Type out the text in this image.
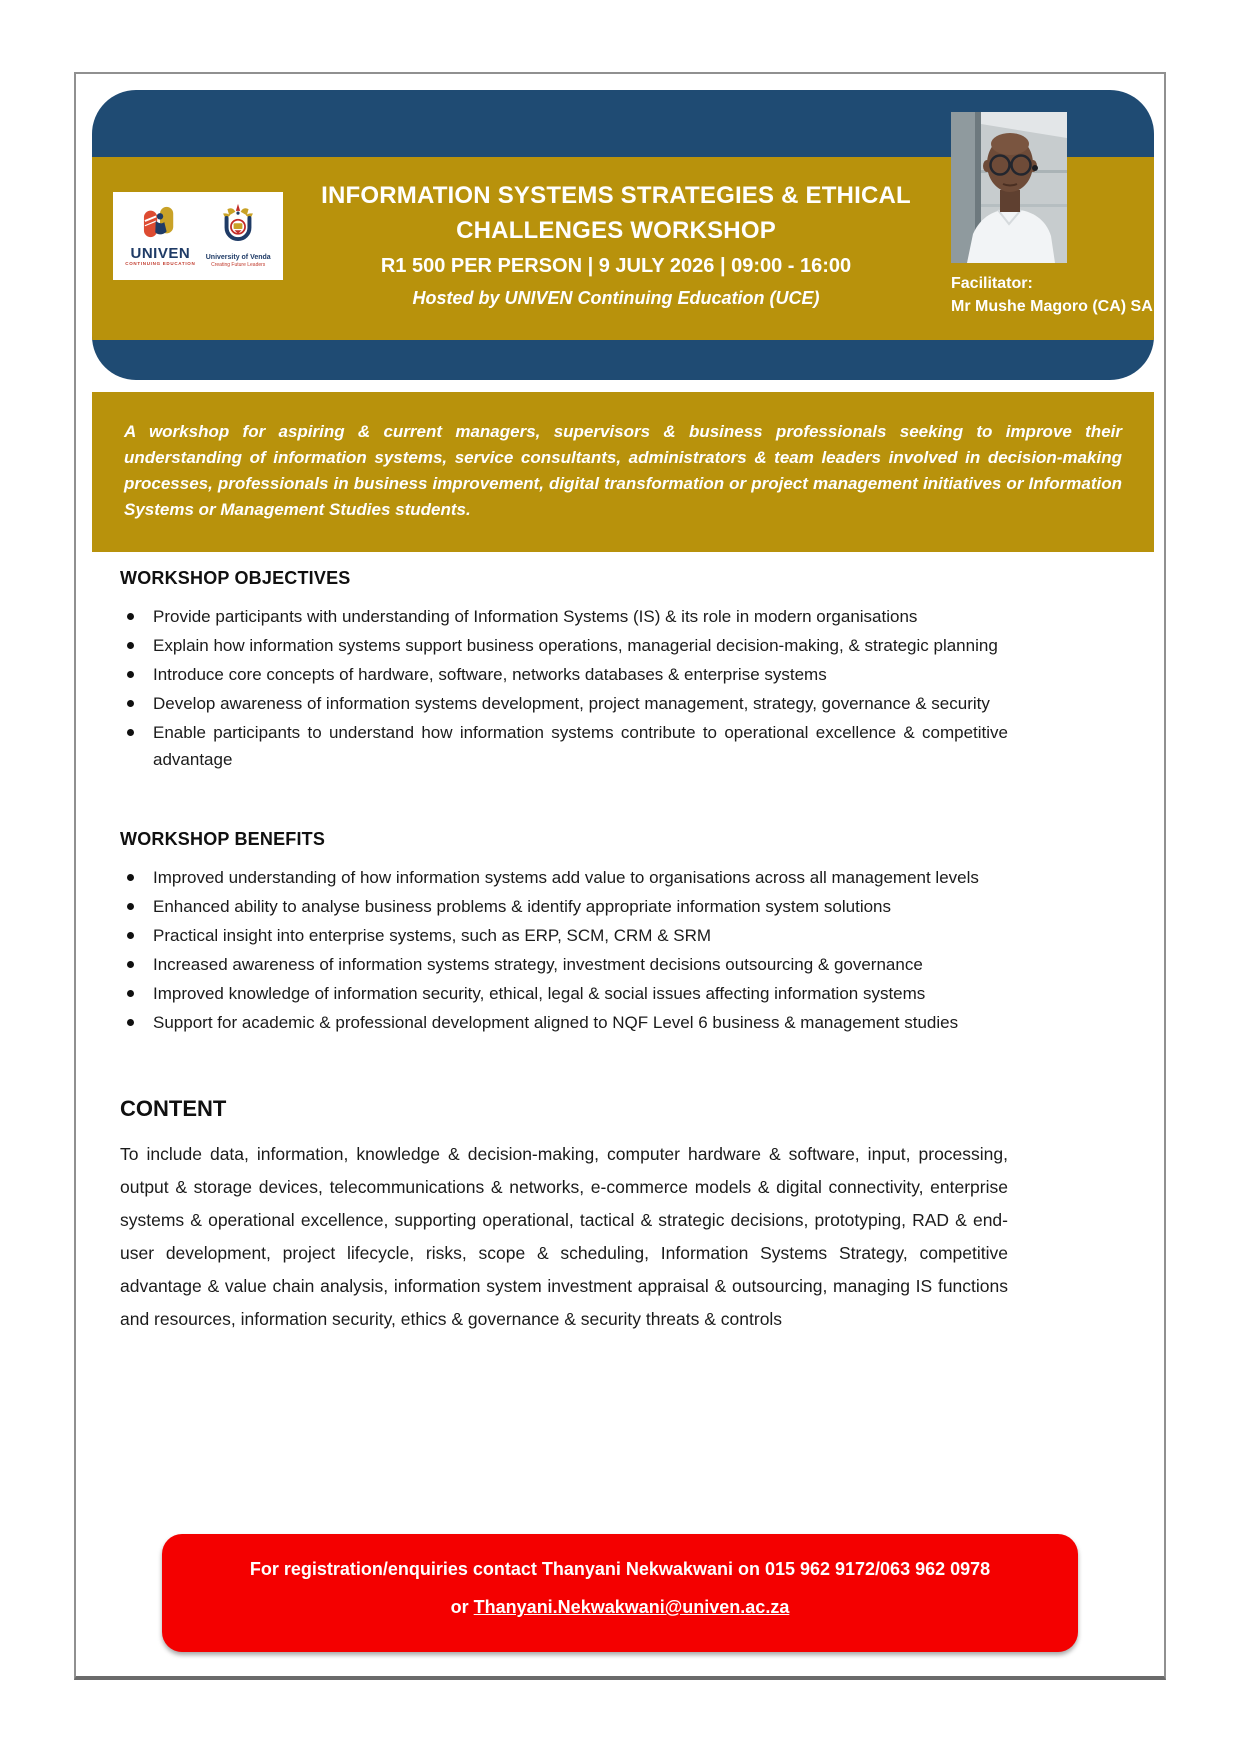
UNIVEN
CONTINUING EDUCATION
University of Venda
Creating Future Leaders
INFORMATION SYSTEMS STRATEGIES & ETHICAL
CHALLENGES WORKSHOP
R1 500 PER PERSON | 9 JULY 2026 | 09:00 - 16:00
Hosted by UNIVEN Continuing Education (UCE)
Facilitator:
Mr Mushe Magoro (CA) SA
A workshop for aspiring & current managers, supervisors & business professionals seeking to improve their understanding of information systems, service consultants, administrators & team leaders involved in decision-making processes, professionals in business improvement, digital transformation or project management initiatives or Information Systems or Management Studies students.
WORKSHOP OBJECTIVES
Provide participants with understanding of Information Systems (IS) & its role in modern organisations
Explain how information systems support business operations, managerial decision-making, & strategic planning
Introduce core concepts of hardware, software, networks databases & enterprise systems
Develop awareness of information systems development, project management, strategy, governance & security
Enable participants to understand how information systems contribute to operational excellence & competitive advantage
WORKSHOP BENEFITS
Improved understanding of how information systems add value to organisations across all management levels
Enhanced ability to analyse business problems & identify appropriate information system solutions
Practical insight into enterprise systems, such as ERP, SCM, CRM & SRM
Increased awareness of information systems strategy, investment decisions outsourcing & governance
Improved knowledge of information security, ethical, legal & social issues affecting information systems
Support for academic & professional development aligned to NQF Level 6 business & management studies
CONTENT
To include data, information, knowledge & decision-making, computer hardware & software, input, processing, output & storage devices, telecommunications & networks, e-commerce models & digital connectivity, enterprise systems & operational excellence, supporting operational, tactical & strategic decisions, prototyping, RAD & end-user development, project lifecycle, risks, scope & scheduling, Information Systems Strategy, competitive advantage & value chain analysis, information system investment appraisal & outsourcing, managing IS functions and resources, information security, ethics & governance & security threats & controls
For registration/enquiries contact Thanyani Nekwakwani on 015 962 9172/063 962 0978
or Thanyani.Nekwakwani@univen.ac.za
